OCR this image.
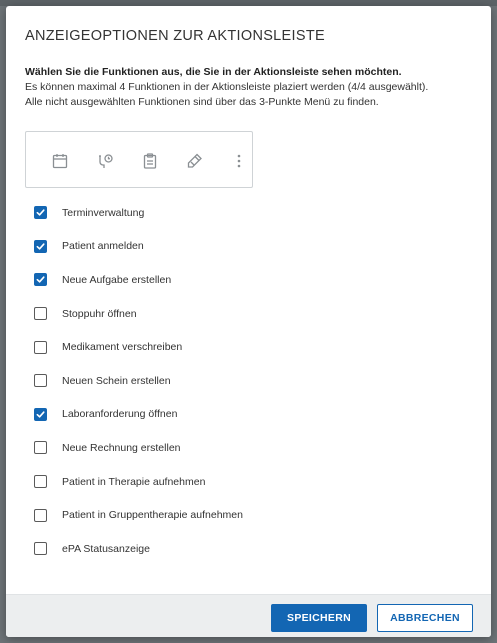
ANZEIGEOPTIONEN ZUR AKTIONSLEISTE
Wählen Sie die Funktionen aus, die Sie in der Aktionsleiste sehen möchten.
Es können maximal 4 Funktionen in der Aktionsleiste plaziert werden (4/4 ausgewählt).
Alle nicht ausgewählten Funktionen sind über das 3-Punkte Menü zu finden.
Terminverwaltung
Patient anmelden
Neue Aufgabe erstellen
Stoppuhr öffnen
Medikament verschreiben
Neuen Schein erstellen
Laboranforderung öffnen
Neue Rechnung erstellen
Patient in Therapie aufnehmen
Patient in Gruppentherapie aufnehmen
ePA Statusanzeige
SPEICHERN	ABBRECHEN
